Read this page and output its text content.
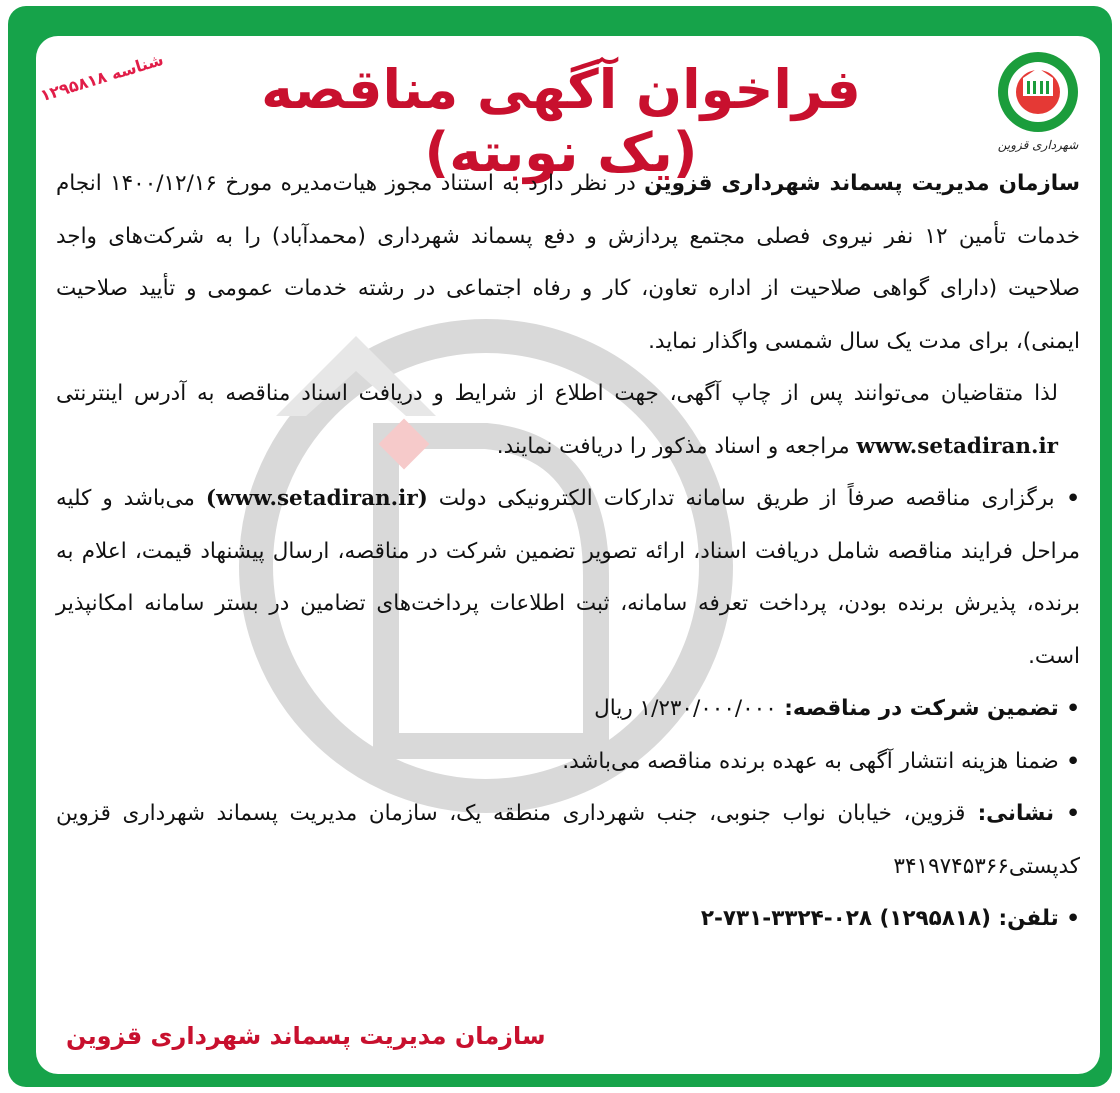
شهرداری قزوین
فراخوان آگهی مناقصه (یک نوبته)
شناسه ۱۲۹۵۸۱۸

سازمان مدیریت پسماند شهرداری قزوین در نظر دارد به استناد مجوز هیات‌مدیره مورخ ۱۴۰۰/۱۲/۱۶ انجام خدمات تأمین ۱۲ نفر نیروی فصلی مجتمع پردازش و دفع پسماند شهرداری (محمدآباد) را به شرکت‌های واجد صلاحیت (دارای گواهی صلاحیت از اداره تعاون، کار و رفاه اجتماعی در رشته خدمات عمومی و تأیید صلاحیت ایمنی)، برای مدت یک سال شمسی واگذار نماید.

لذا متقاضیان می‌توانند پس از چاپ آگهی، جهت اطلاع از شرایط و دریافت اسناد مناقصه به آدرس اینترنتی www.setadiran.ir مراجعه و اسناد مذکور را دریافت نمایند.

• برگزاری مناقصه صرفاً از طریق سامانه تدارکات الکترونیکی دولت (www.setadiran.ir) می‌باشد و کلیه مراحل فرایند مناقصه شامل دریافت اسناد، ارائه تصویر تضمین شرکت در مناقصه، ارسال پیشنهاد قیمت، اعلام به برنده، پذیرش برنده بودن، پرداخت تعرفه سامانه، ثبت اطلاعات پرداخت‌های تضامین در بستر سامانه امکانپذیر است.

• تضمین شرکت در مناقصه: ۱/۲۳۰/۰۰۰/۰۰۰ ریال

• ضمنا هزینه انتشار آگهی به عهده برنده مناقصه می‌باشد.

• نشانی: قزوین، خیابان نواب جنوبی، جنب شهرداری منطقه یک، سازمان مدیریت پسماند شهرداری قزوین کدپستی۳۴۱۹۷۴۵۳۶۶

• تلفن: ۲-۷۳۱-۳۳۲۴-۰۲۸ (۱۲۹۵۸۱۸)

سازمان مدیریت پسماند شهرداری قزوین
